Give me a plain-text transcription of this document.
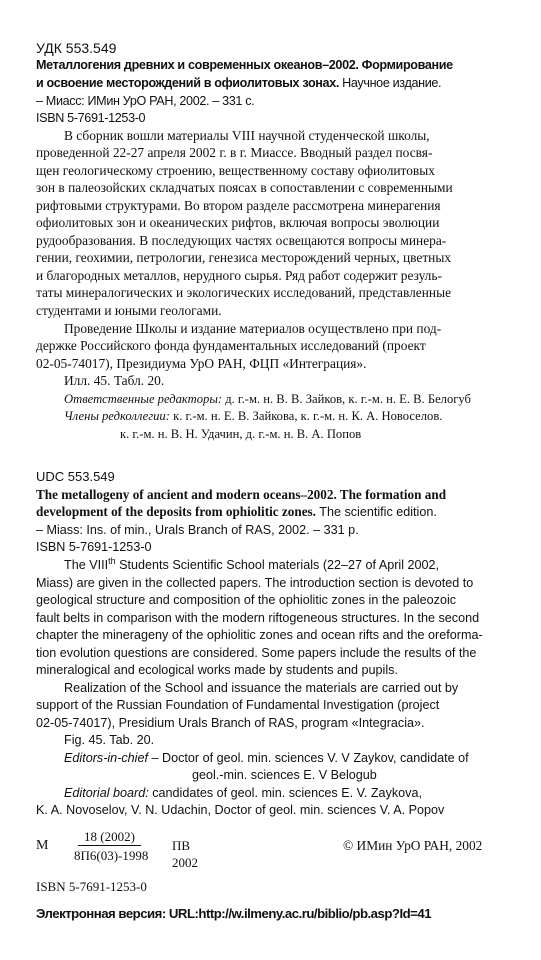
УДК 553.549
Металлогения древних и современных океанов–2002. Формирование
и освоение месторождений в офиолитовых зонах. Научное издание.
– Миасс: ИМин УрО РАН, 2002. – 331 с.
ISBN 5-7691-1253-0
В сборник вошли материалы VIII научной студенческой школы,
проведенной 22-27 апреля 2002 г. в г. Миассе. Вводный раздел посвя-
щен геологическому строению, вещественному составу офиолитовых
зон в палеозойских складчатых поясах в сопоставлении с современными
рифтовыми структурами. Во втором разделе рассмотрена минерагения
офиолитовых зон и океанических рифтов, включая вопросы эволюции
рудообразования. В последующих частях освещаются вопросы минера-
гении, геохимии, петрологии, генезиса месторождений черных, цветных
и благородных металлов, нерудного сырья. Ряд работ содержит резуль-
таты минералогических и экологических исследований, представленные
студентами и юными геологами.
Проведение Школы и издание материалов осуществлено при под-
держке Российского фонда фундаментальных исследований (проект
02-05-74017), Президиума УрО РАН, ФЦП «Интеграция».
Илл. 45. Табл. 20.
Ответственные редакторы: д. г.-м. н. В. В. Зайков, к. г.-м. н. Е. В. Белогуб
Члены редколлегии: к. г.-м. н. Е. В. Зайкова, к. г.-м. н. К. А. Новоселов.
к. г.-м. н. В. Н. Удачин, д. г.-м. н. В. А. Попов
UDC 553.549
The metallogeny of ancient and modern oceans–2002. The formation and
development of the deposits from ophiolitic zones. The scientific edition.
– Miass: Ins. of min., Urals Branch of RAS, 2002. – 331 p.
ISBN 5-7691-1253-0
The VIIIth Students Scientific School materials (22–27 of April 2002,
Miass) are given in the collected papers. The introduction section is devoted to
geological structure and composition of the ophiolitic zones in the paleozoic
fault belts in comparison with the modern riftogeneous structures. In the second
chapter the mineragenу of the ophiolitic zones and ocean rifts and the oreforma-
tion evolution questions are considered. Some papers include the results of the
mineralogical and ecological works made by students and pupils.
Realization of the School and issuance the materials are carried out by
support of the Russian Foundation of Fundamental Investigation (project
02-05-74017), Presidium Urals Branch of RAS, program «Integracia».
Fig. 45. Tab. 20.
Editors-in-chief – Doctor of geol. min. sciences V. V Zaykov, candidate of
geol.-min. sciences E. V Belogub
Editorial board: candidates of geol. min. sciences E. V. Zaykova,
K. A. Novoselov, V. N. Udachin, Doctor of geol. min. sciences V. A. Popov
M
18 (2002)
8П6(03)-1998
ПВ
2002
© ИМин УрО РАН, 2002
ISBN 5-7691-1253-0
Электронная версия: URL:http://w.ilmeny.ac.ru/biblio/pb.asp?Id=41
